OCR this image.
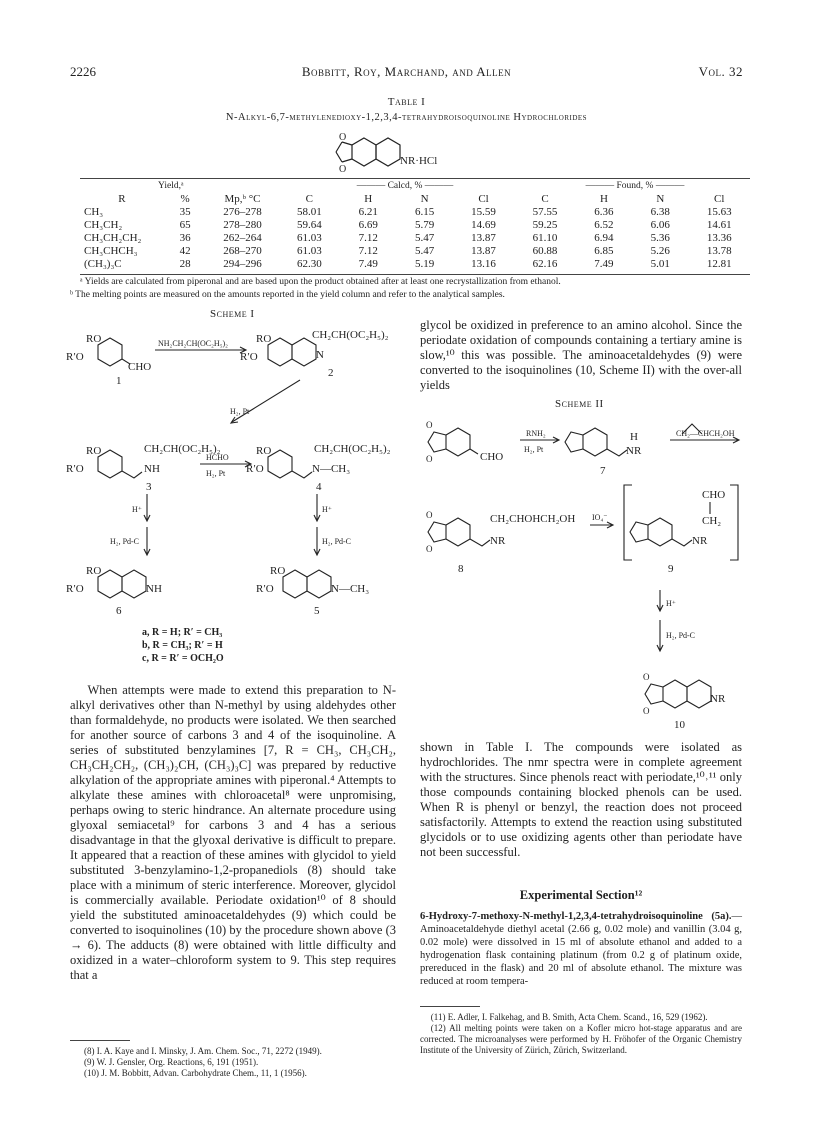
2226	Bobbitt, Roy, Marchand, and Allen	Vol. 32
Table I
N-Alkyl-6,7-methylenedioxy-1,2,3,4-tetrahydroisoquinoline Hydrochlorides
O
O
NR·HCl
Yield,ᵃ	——— Calcd, % ———	——— Found, % ———
R	%	Mp,ᵇ °C	C	H	N	Cl	C	H	N	Cl
CH₃	35	276–278	58.01	6.21	6.15	15.59	57.55	6.36	6.38	15.63
CH₃CH₂	65	278–280	59.64	6.69	5.79	14.69	59.25	6.52	6.06	14.61
CH₃CH₂CH₂	36	262–264	61.03	7.12	5.47	13.87	61.10	6.94	5.36	13.36
CH₃CHCH₃	42	268–270	61.03	7.12	5.47	13.87	60.88	6.85	5.26	13.78
(CH₃)₃C	28	294–296	62.30	7.49	5.19	13.16	62.16	7.49	5.01	12.81
ᵃ Yields are calculated from piperonal and are based upon the product obtained after at least one recrystallization from ethanol.
ᵇ The melting points are measured on the amounts reported in the yield column and refer to the analytical samples.
Scheme I
RO
R′O
CHO
1
NH₂CH₂CH(OC₂H₅)₂	RO
R′O
CH₂CH(OC₂H₅)₂
N
2
H₂, Pt
RO
R′O
CH₂CH(OC₂H₅)₂
NH
3
HCHO
H₂, Pt
RO
R′O
CH₂CH(OC₂H₅)₂
N—CH₃
4
H⁺
H₂, Pd-C
H⁺
H₂, Pd-C
RO
R′O	NH
6
RO
R′O	N—CH₃
5
a, R = H; R′ = CH₃
b, R = CH₃; R′ = H
c, R = R′ = OCH₂O

When attempts were made to extend this preparation to N-alkyl derivatives other than N-methyl by using aldehydes other than formaldehyde, no products were isolated. We then searched for another source of carbons 3 and 4 of the isoquinoline. A series of substituted benzylamines [7, R = CH₃, CH₃CH₂, CH₃CH₂CH₂, (CH₃)₂CH, (CH₃)₃C] was prepared by reductive alkylation of the appropriate amines with piperonal.⁴ Attempts to alkylate these amines with chloroacetal⁸ were unpromising, perhaps owing to steric hindrance. An alternate procedure using glyoxal semiacetal⁹ for carbons 3 and 4 has a serious disadvantage in that the glyoxal derivative is difficult to prepare. It appeared that a reaction of these amines with glycidol to yield substituted 3-benzylamino-1,2-propanediols (8) should take place with a minimum of steric interference. Moreover, glycidol is commercially available. Periodate oxidation¹⁰ of 8 should yield the substituted aminoacetaldehydes (9) which could be converted to isoquinolines (10) by the procedure shown above (3 → 6). The adducts (8) were obtained with little difficulty and oxidized in a water–chloroform system to 9. This step requires that a

(8) I. A. Kaye and I. Minsky, J. Am. Chem. Soc., 71, 2272 (1949).
(9) W. J. Gensler, Org. Reactions, 6, 191 (1951).
(10) J. M. Bobbitt, Advan. Carbohydrate Chem., 11, 1 (1956).
glycol be oxidized in preference to an amino alcohol. Since the periodate oxidation of compounds containing a tertiary amine is slow,¹⁰ this was possible. The aminoacetaldehydes (9) were converted to the isoquinolines (10, Scheme II) with the over-all yields
Scheme II
O
O	CHO
RNH₂
H₂, Pt
H
NR
CH₂—CHCH₂OH
7
O
O
CH₂CHOHCH₂OH
NR
IO₄⁻
8
CHO
CH₂
NR
9
H⁺
H₂, Pd-C
O
O
NR
10
shown in Table I. The compounds were isolated as hydrochlorides. The nmr spectra were in complete agreement with the structures. Since phenols react with periodate,¹⁰˒¹¹ only those compounds containing blocked phenols can be used. When R is phenyl or benzyl, the reaction does not proceed satisfactorily. Attempts to extend the reaction using substituted glycidols or to use oxidizing agents other than periodate have not been successful.
Experimental Section¹²
6-Hydroxy-7-methoxy-N-methyl-1,2,3,4-tetrahydroisoquinoline (5a).—Aminoacetaldehyde diethyl acetal (2.66 g, 0.02 mole) and vanillin (3.04 g, 0.02 mole) were dissolved in 15 ml of absolute ethanol and added to a hydrogenation flask containing platinum (from 0.2 g of platinum oxide, prereduced in the flask) and 20 ml of absolute ethanol. The mixture was reduced at room tempera-
(11) E. Adler, I. Falkehag, and B. Smith, Acta Chem. Scand., 16, 529 (1962).
(12) All melting points were taken on a Kofler micro hot-stage apparatus and are corrected. The microanalyses were performed by H. Fröhofer of the Organic Chemistry Institute of the University of Zürich, Zürich, Switzerland.
